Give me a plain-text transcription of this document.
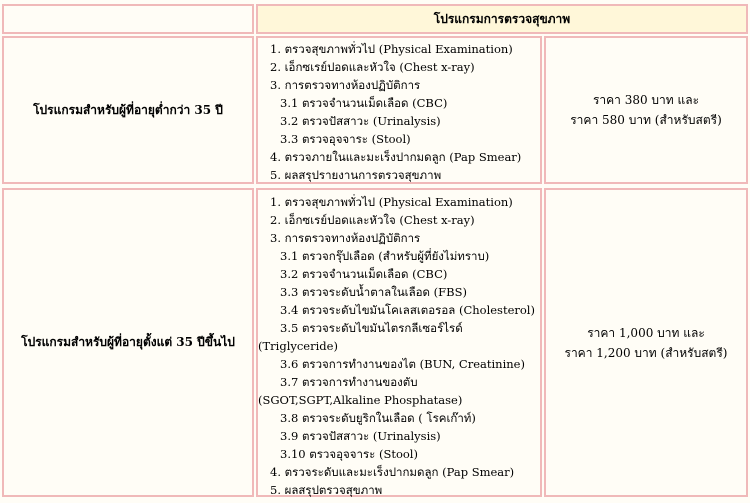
โปรแกรมการตรวจสุขภาพ
โปรแกรมสำหรับผู้ที่อายุต่ำกว่า 35 ปี
1. ตรวจสุขภาพทั่วไป (Physical Examination)
2. เอ็กซเรย์ปอดและหัวใจ (Chest x-ray)
3. การตรวจทางห้องปฏิบัติการ
3.1 ตรวจจำนวนเม็ดเลือด (CBC)
3.2 ตรวจปัสสาวะ (Urinalysis)
3.3 ตรวจอุจจาระ (Stool)
4. ตรวจภายในและมะเร็งปากมดลูก (Pap Smear)
5. ผลสรุปรายงานการตรวจสุขภาพ
ราคา 380 บาท และ
ราคา 580 บาท (สำหรับสตรี)
โปรแกรมสำหรับผู้ที่อายุตั้งแต่ 35 ปีขึ้นไป
1. ตรวจสุขภาพทั่วไป (Physical Examination)
2. เอ็กซเรย์ปอดและหัวใจ (Chest x-ray)
3. การตรวจทางห้องปฏิบัติการ
3.1 ตรวจกรุ๊ปเลือด (สำหรับผู้ที่ยังไม่ทราบ)
3.2 ตรวจจำนวนเม็ดเลือด (CBC)
3.3 ตรวจระดับน้ำตาลในเลือด (FBS)
3.4 ตรวจระดับไขมันโคเลสเตอรอล (Cholesterol)
3.5 ตรวจระดับไขมันไตรกลีเซอร์ไรด์
(Triglyceride)
3.6 ตรวจการทำงานของไต (BUN, Creatinine)
3.7 ตรวจการทำงานของตับ
(SGOT,SGPT,Alkaline Phosphatase)
3.8 ตรวจระดับยูริกในเลือด ( โรคเก๊าท์)
3.9 ตรวจปัสสาวะ (Urinalysis)
3.10 ตรวจอุจจาระ (Stool)
4. ตรวจระดับและมะเร็งปากมดลูก (Pap Smear)
5. ผลสรุปตรวจสุขภาพ
ราคา 1,000 บาท และ
ราคา 1,200 บาท (สำหรับสตรี)
